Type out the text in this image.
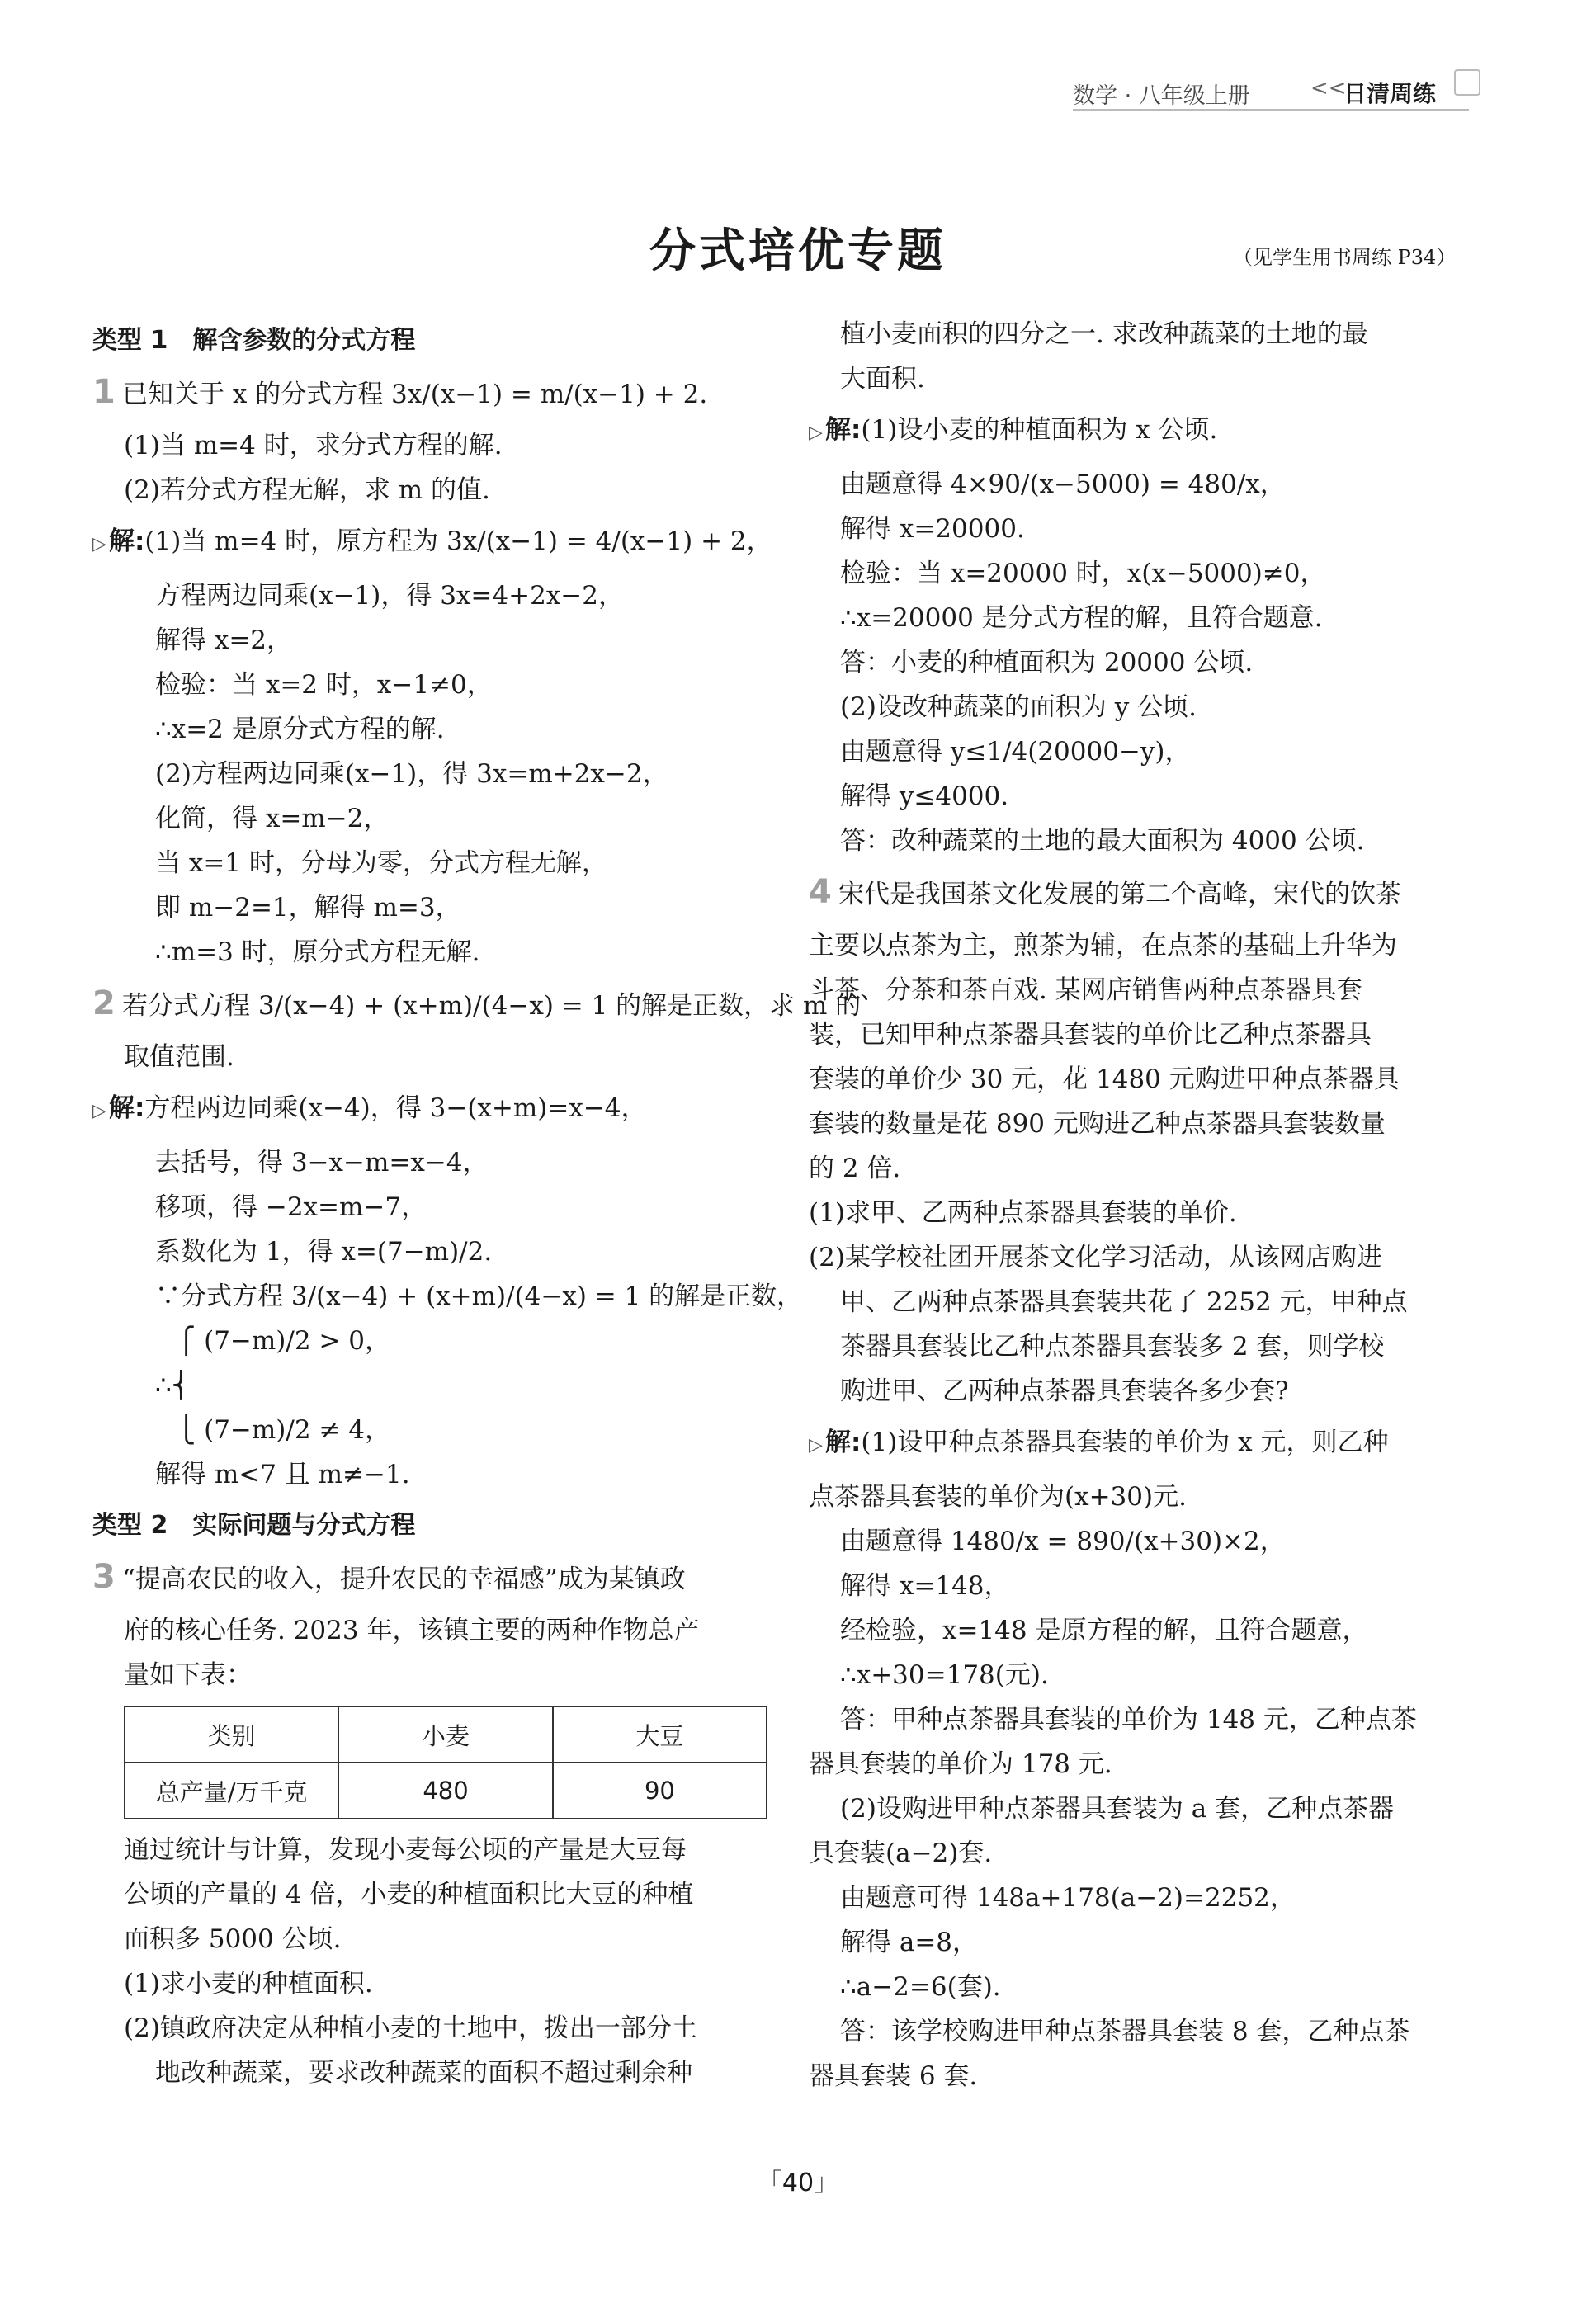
数学 · 八年级上册	<<
日清周练
分式培优专题	（见学生用书周练 P34）
类型 1　解含参数的分式方程
1 已知关于 x 的分式方程 3x/(x−1) = m/(x−1) + 2.
(1)当 m=4 时，求分式方程的解.
(2)若分式方程无解，求 m 的值.
▷解:(1)当 m=4 时，原方程为 3x/(x−1) = 4/(x−1) + 2，
方程两边同乘(x−1)，得 3x=4+2x−2，
解得 x=2，
检验：当 x=2 时，x−1≠0，
∴x=2 是原分式方程的解.
(2)方程两边同乘(x−1)，得 3x=m+2x−2，
化简，得 x=m−2，
当 x=1 时，分母为零，分式方程无解，
即 m−2=1，解得 m=3，
∴m=3 时，原分式方程无解.
2 若分式方程 3/(x−4) + (x+m)/(4−x) = 1 的解是正数，求 m 的
取值范围.
▷解:方程两边同乘(x−4)，得 3−(x+m)=x−4，
去括号，得 3−x−m=x−4，
移项，得 −2x=m−7，
系数化为 1，得 x=(7−m)/2.
∵分式方程 3/(x−4) + (x+m)/(4−x) = 1 的解是正数，
⎧ (7−m)/2 > 0，
∴⎨
⎩ (7−m)/2 ≠ 4，
解得 m<7 且 m≠−1.
类型 2　实际问题与分式方程
3 “提高农民的收入，提升农民的幸福感”成为某镇政
府的核心任务. 2023 年，该镇主要的两种作物总产
量如下表：
类别	小麦	大豆
总产量/万千克	480	90
通过统计与计算，发现小麦每公顷的产量是大豆每
公顷的产量的 4 倍，小麦的种植面积比大豆的种植
面积多 5000 公顷.
(1)求小麦的种植面积.
(2)镇政府决定从种植小麦的土地中，拨出一部分土
地改种蔬菜，要求改种蔬菜的面积不超过剩余种
植小麦面积的四分之一. 求改种蔬菜的土地的最
大面积.
▷解:(1)设小麦的种植面积为 x 公顷.
由题意得 4×90/(x−5000) = 480/x，
解得 x=20000.
检验：当 x=20000 时，x(x−5000)≠0，
∴x=20000 是分式方程的解，且符合题意.
答：小麦的种植面积为 20000 公顷.
(2)设改种蔬菜的面积为 y 公顷.
由题意得 y≤1/4(20000−y)，
解得 y≤4000.
答：改种蔬菜的土地的最大面积为 4000 公顷.
4 宋代是我国茶文化发展的第二个高峰，宋代的饮茶
主要以点茶为主，煎茶为辅，在点茶的基础上升华为
斗茶、分茶和茶百戏. 某网店销售两种点茶器具套
装，已知甲种点茶器具套装的单价比乙种点茶器具
套装的单价少 30 元，花 1480 元购进甲种点茶器具
套装的数量是花 890 元购进乙种点茶器具套装数量
的 2 倍.
(1)求甲、乙两种点茶器具套装的单价.
(2)某学校社团开展茶文化学习活动，从该网店购进
甲、乙两种点茶器具套装共花了 2252 元，甲种点
茶器具套装比乙种点茶器具套装多 2 套，则学校
购进甲、乙两种点茶器具套装各多少套?
▷解:(1)设甲种点茶器具套装的单价为 x 元，则乙种
点茶器具套装的单价为(x+30)元.
由题意得 1480/x = 890/(x+30)×2，
解得 x=148，
经检验，x=148 是原方程的解，且符合题意，
∴x+30=178(元).
答：甲种点茶器具套装的单价为 148 元，乙种点茶
器具套装的单价为 178 元.
(2)设购进甲种点茶器具套装为 a 套，乙种点茶器
具套装(a−2)套.
由题意可得 148a+178(a−2)=2252，
解得 a=8，
∴a−2=6(套).
答：该学校购进甲种点茶器具套装 8 套，乙种点茶
器具套装 6 套.
「40」
